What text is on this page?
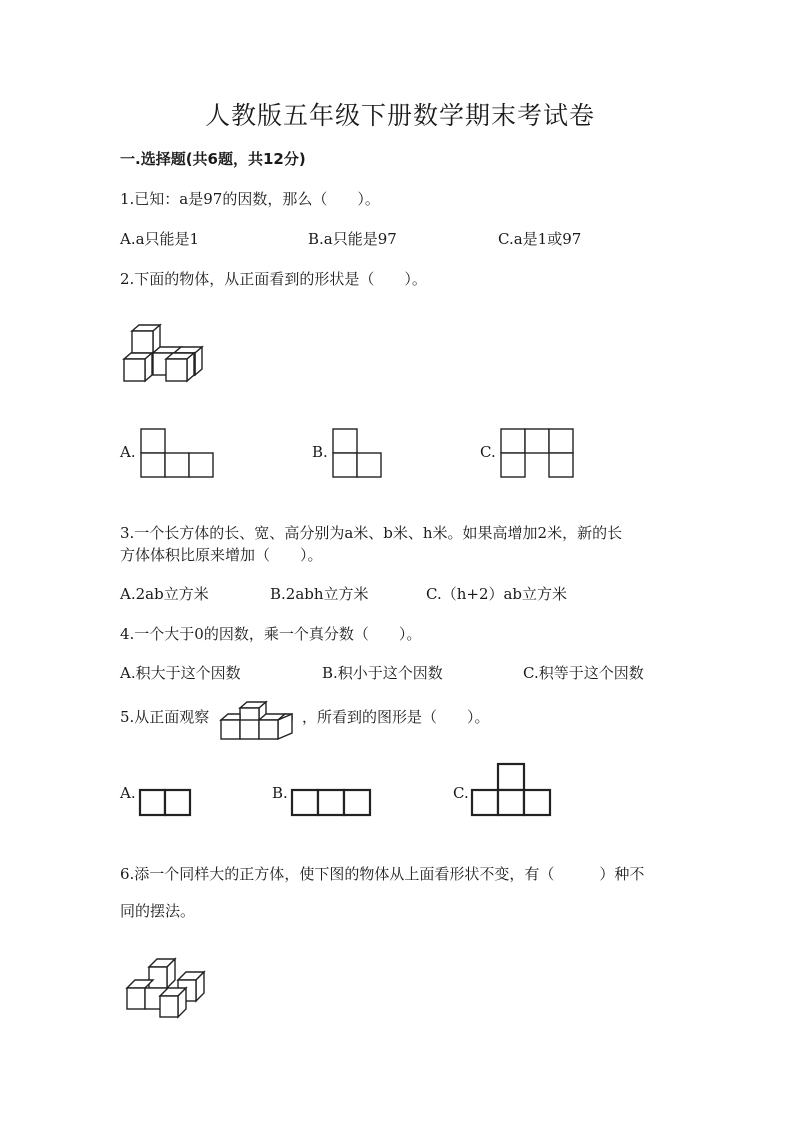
人教版五年级下册数学期末考试卷
一.选择题(共6题，共12分)
1.已知：a是97的因数，那么（　　）。
A.a只能是1	B.a只能是97	C.a是1或97
2.下面的物体，从正面看到的形状是（　　）。
A.	B.	C.
3.一个长方体的长、宽、高分别为a米、b米、h米。如果高增加2米，新的长
方体体积比原来增加（　　）。
A.2ab立方米	B.2abh立方米	C.（h+2）ab立方米
4.一个大于0的因数，乘一个真分数（　　）。
A.积大于这个因数	B.积小于这个因数	C.积等于这个因数
5.从正面观察	，所看到的图形是（　　）。
A.	B.	C.
6.添一个同样大的正方体，使下图的物体从上面看形状不变，有（　　　）种不
同的摆法。
